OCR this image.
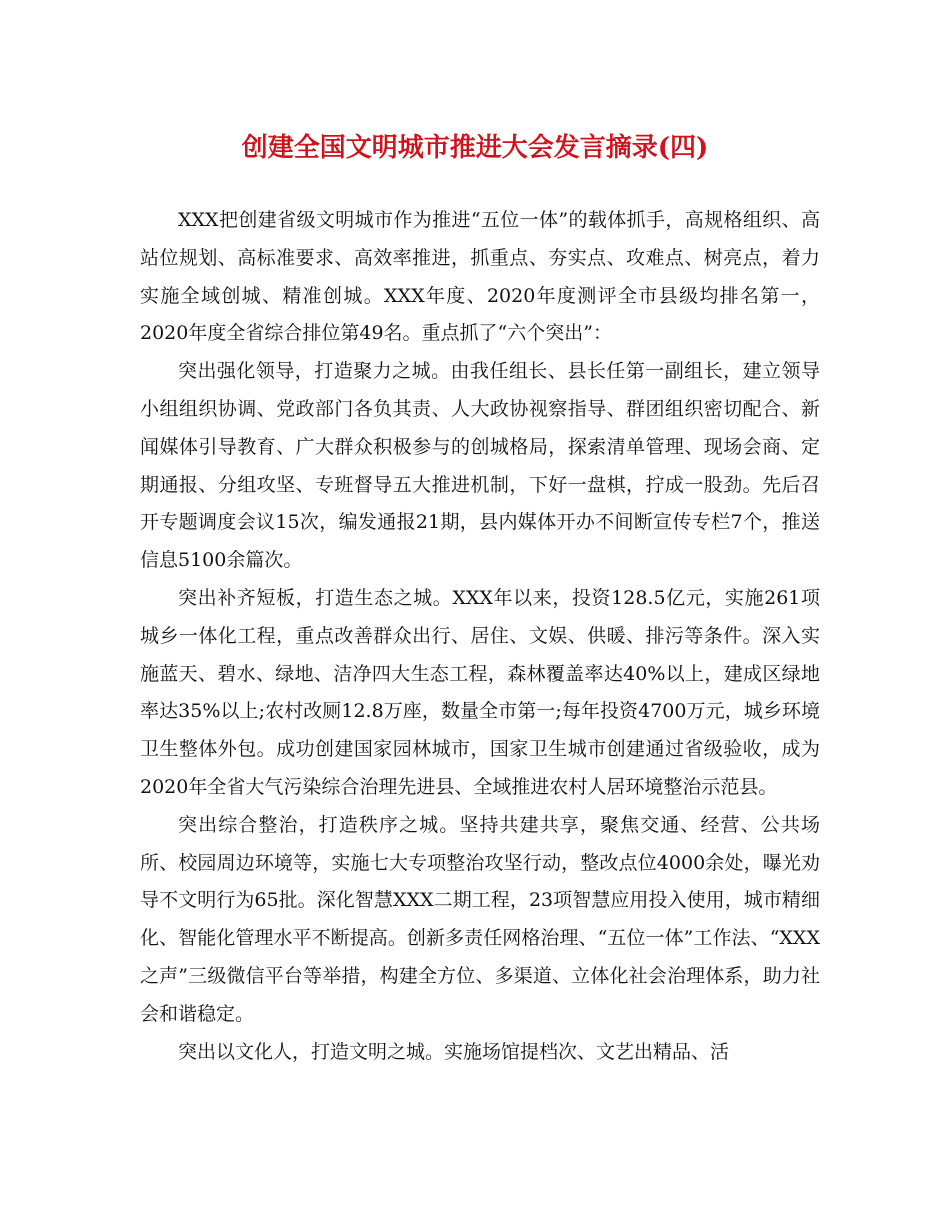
创建全国文明城市推进大会发言摘录(四)

XXX把创建省级文明城市作为推进“五位一体”的载体抓手，高规格组织、高站位规划、高标准要求、高效率推进，抓重点、夯实点、攻难点、树亮点，着力实施全域创城、精准创城。XXX年度、2020年度测评全市县级均排名第一，2020年度全省综合排位第49名。重点抓了“六个突出”：

突出强化领导，打造聚力之城。由我任组长、县长任第一副组长，建立领导小组组织协调、党政部门各负其责、人大政协视察指导、群团组织密切配合、新闻媒体引导教育、广大群众积极参与的创城格局，探索清单管理、现场会商、定期通报、分组攻坚、专班督导五大推进机制，下好一盘棋，拧成一股劲。先后召开专题调度会议15次，编发通报21期，县内媒体开办不间断宣传专栏7个，推送信息5100余篇次。

突出补齐短板，打造生态之城。XXX年以来，投资128.5亿元，实施261项城乡一体化工程，重点改善群众出行、居住、文娱、供暖、排污等条件。深入实施蓝天、碧水、绿地、洁净四大生态工程，森林覆盖率达40%以上，建成区绿地率达35%以上;农村改厕12.8万座，数量全市第一;每年投资4700万元，城乡环境卫生整体外包。成功创建国家园林城市，国家卫生城市创建通过省级验收，成为2020年全省大气污染综合治理先进县、全域推进农村人居环境整治示范县。

突出综合整治，打造秩序之城。坚持共建共享，聚焦交通、经营、公共场所、校园周边环境等，实施七大专项整治攻坚行动，整改点位4000余处，曝光劝导不文明行为65批。深化智慧XXX二期工程，23项智慧应用投入使用，城市精细化、智能化管理水平不断提高。创新多责任网格治理、“五位一体”工作法、“XXX之声”三级微信平台等举措，构建全方位、多渠道、立体化社会治理体系，助力社会和谐稳定。

突出以文化人，打造文明之城。实施场馆提档次、文艺出精品、活
